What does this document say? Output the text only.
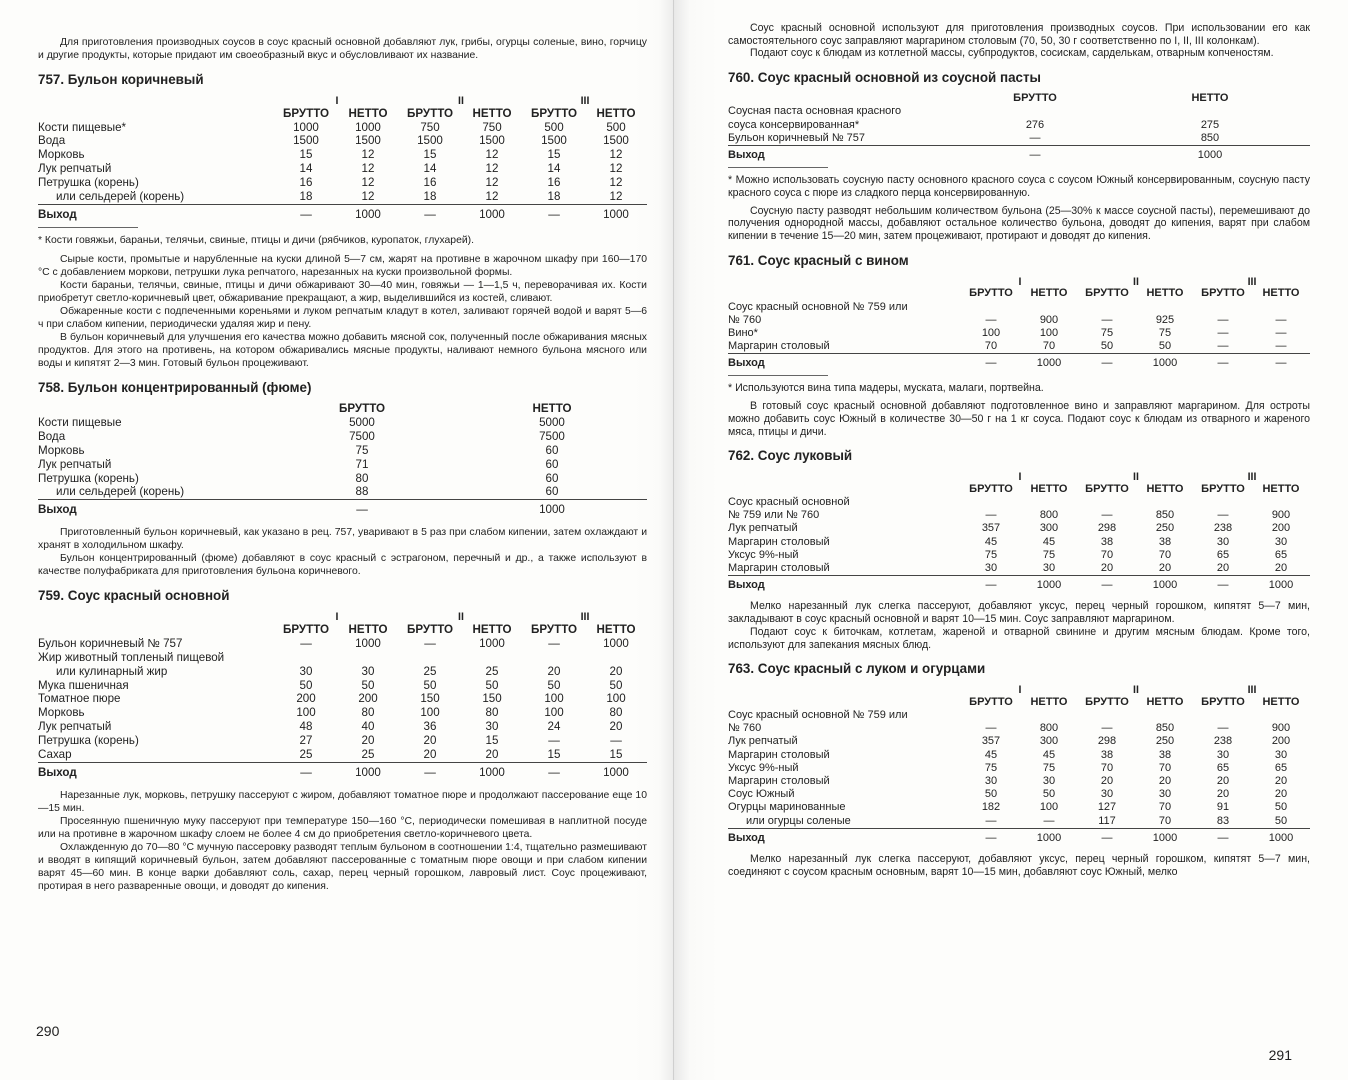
Для приготовления производных соусов в соус красный основной добавляют лук, грибы, огурцы соленые, вино, горчицу и другие продукты, которые придают им своеобразный вкус и обусловливают их название.

757. Бульон коричневый
	I		II		III	
	БРУТТО	НЕТТО	БРУТТО	НЕТТО	БРУТТО	НЕТТО
Кости пищевые*	1000	1000	750	750	500	500
Вода	1500	1500	1500	1500	1500	1500
Морковь	15	12	15	12	15	12
Лук репчатый	14	12	14	12	14	12
Петрушка (корень)	16	12	16	12	16	12
или сельдерей (корень)	18	12	18	12	18	12
Выход	—	1000	—	1000	—	1000

* Кости говяжьи, бараньи, телячьи, свиные, птицы и дичи (рябчиков, куропаток, глухарей).

Сырые кости, промытые и нарубленные на куски длиной 5—7 см, жарят на противне в жарочном шкафу при 160—170 °С с добавлением моркови, петрушки лука репчатого, нарезанных на куски произвольной формы.

Кости бараньи, телячьи, свиные, птицы и дичи обжаривают 30—40 мин, говяжьи — 1—1,5 ч, переворачивая их. Кости приобретут светло-коричневый цвет, обжаривание прекращают, а жир, выделившийся из костей, сливают.

Обжаренные кости с подпеченными кореньями и луком репчатым кладут в котел, заливают горячей водой и варят 5—6 ч при слабом кипении, периодически удаляя жир и пену.

В бульон коричневый для улучшения его качества можно добавить мясной сок, полученный после обжаривания мясных продуктов. Для этого на противень, на котором обжаривались мясные продукты, наливают немного бульона мясного или воды и кипятят 2—3 мин. Готовый бульон процеживают.

758. Бульон концентрированный (фюме)
	БРУТТО	НЕТТО
Кости пищевые	5000	5000
Вода	7500	7500
Морковь	75	60
Лук репчатый	71	60
Петрушка (корень)	80	60
или сельдерей (корень)	88	60
Выход	—	1000

Приготовленный бульон коричневый, как указано в рец. 757, уваривают в 5 раз при слабом кипении, затем охлаждают и хранят в холодильном шкафу.

Бульон концентрированный (фюме) добавляют в соус красный с эстрагоном, перечный и др., а также используют в качестве полуфабриката для приготовления бульона коричневого.

759. Соус красный основной
	I		II		III	
	БРУТТО	НЕТТО	БРУТТО	НЕТТО	БРУТТО	НЕТТО
Бульон коричневый № 757	—	1000	—	1000	—	1000
Жир животный топленый пищевой						
или кулинарный жир	30	30	25	25	20	20
Мука пшеничная	50	50	50	50	50	50
Томатное пюре	200	200	150	150	100	100
Морковь	100	80	100	80	100	80
Лук репчатый	48	40	36	30	24	20
Петрушка (корень)	27	20	20	15	—	—
Сахар	25	25	20	20	15	15
Выход	—	1000	—	1000	—	1000

Нарезанные лук, морковь, петрушку пассеруют с жиром, добавляют томатное пюре и продолжают пассерование еще 10—15 мин.

Просеянную пшеничную муку пассеруют при температуре 150—160 °С, периодически помешивая в наплитной посуде или на противне в жарочном шкафу слоем не более 4 см до приобретения светло-коричневого цвета.

Охлажденную до 70—80 °С мучную пассеровку разводят теплым бульоном в соотношении 1:4, тщательно размешивают и вводят в кипящий коричневый бульон, затем добавляют пассерованные с томатным пюре овощи и при слабом кипении варят 45—60 мин. В конце варки добавляют соль, сахар, перец черный горошком, лавровый лист. Соус процеживают, протирая в него разваренные овощи, и доводят до кипения.

290

Соус красный основной используют для приготовления производных соусов. При использовании его как самостоятельного соус заправляют маргарином столовым (70, 50, 30 г соответственно по I, II, III колонкам).

Подают соус к блюдам из котлетной массы, субпродуктов, сосискам, сарделькам, отварным копченостям.

760. Соус красный основной из соусной пасты
	БРУТТО	НЕТТО
Соусная паста основная красного		
соуса консервированная*	276	275
Бульон коричневый № 757	—	850
Выход	—	1000

* Можно использовать соусную пасту основного красного соуса с соусом Южный консервированным, соусную пасту красного соуса с пюре из сладкого перца консервированную.

Соусную пасту разводят небольшим количеством бульона (25—30% к массе соусной пасты), перемешивают до получения однородной массы, добавляют остальное количество бульона, доводят до кипения, варят при слабом кипении в течение 15—20 мин, затем процеживают, протирают и доводят до кипения.

761. Соус красный с вином
	I		II		III	
	БРУТТО	НЕТТО	БРУТТО	НЕТТО	БРУТТО	НЕТТО
Соус красный основной № 759 или						
№ 760	—	900	—	925	—	—
Вино*	100	100	75	75	—	—
Маргарин столовый	70	70	50	50	—	—
Выход	—	1000	—	1000	—	—

* Используются вина типа мадеры, муската, малаги, портвейна.

В готовый соус красный основной добавляют подготовленное вино и заправляют маргарином. Для остроты можно добавить соус Южный в количестве 30—50 г на 1 кг соуса. Подают соус к блюдам из отварного и жареного мяса, птицы и дичи.

762. Соус луковый
	I		II		III	
	БРУТТО	НЕТТО	БРУТТО	НЕТТО	БРУТТО	НЕТТО
Соус красный основной						
№ 759 или № 760	—	800	—	850	—	900
Лук репчатый	357	300	298	250	238	200
Маргарин столовый	45	45	38	38	30	30
Уксус 9%-ный	75	75	70	70	65	65
Маргарин столовый	30	30	20	20	20	20
Выход	—	1000	—	1000	—	1000

Мелко нарезанный лук слегка пассеруют, добавляют уксус, перец черный горошком, кипятят 5—7 мин, закладывают в соус красный основной и варят 10—15 мин. Соус заправляют маргарином.

Подают соус к биточкам, котлетам, жареной и отварной свинине и другим мясным блюдам. Кроме того, используют для запекания мясных блюд.

763. Соус красный с луком и огурцами
	I		II		III	
	БРУТТО	НЕТТО	БРУТТО	НЕТТО	БРУТТО	НЕТТО
Соус красный основной № 759 или						
№ 760	—	800	—	850	—	900
Лук репчатый	357	300	298	250	238	200
Маргарин столовый	45	45	38	38	30	30
Уксус 9%-ный	75	75	70	70	65	65
Маргарин столовый	30	30	20	20	20	20
Соус Южный	50	50	30	30	20	20
Огурцы маринованные	182	100	127	70	91	50
или огурцы соленые	—	—	117	70	83	50
Выход	—	1000	—	1000	—	1000

Мелко нарезанный лук слегка пассеруют, добавляют уксус, перец черный горошком, кипятят 5—7 мин, соединяют с соусом красным основным, варят 10—15 мин, добавляют соус Южный, мелко

291
